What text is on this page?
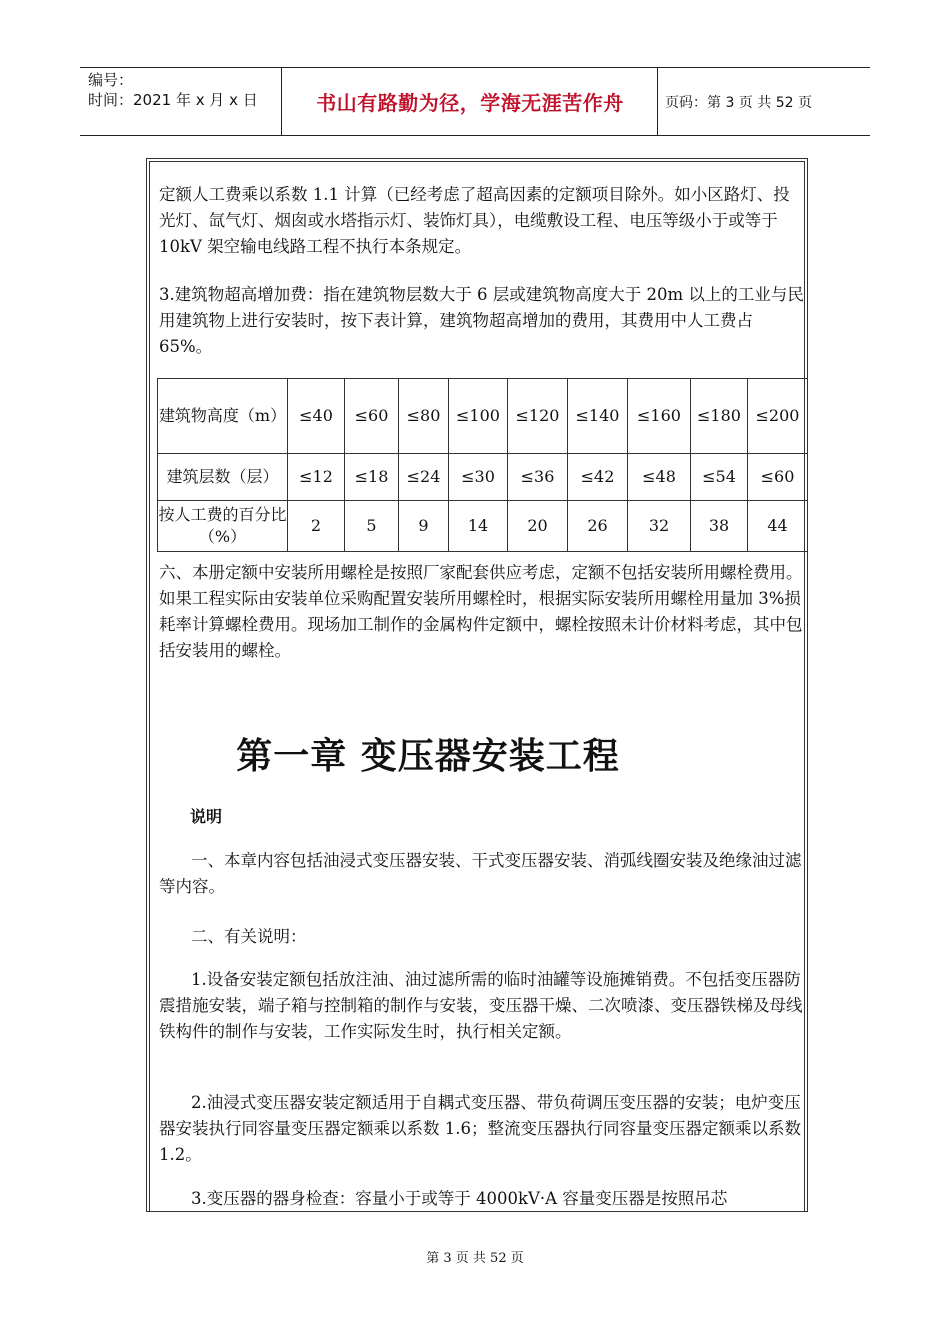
编号：
时间：2021 年 x 月 x 日	书山有路勤为径，学海无涯苦作舟	页码：第 3 页 共 52 页
定额人工费乘以系数 1.1 计算（已经考虑了超高因素的定额项目除外。如小区路灯、投光灯、氙气灯、烟囱或水塔指示灯、装饰灯具），电缆敷设工程、电压等级小于或等于 10kV 架空输电线路工程不执行本条规定。
3.建筑物超高增加费：指在建筑物层数大于 6 层或建筑物高度大于 20m 以上的工业与民用建筑物上进行安装时，按下表计算，建筑物超高增加的费用，其费用中人工费占 65%。
建筑物高度（m）	≤40	≤60	≤80	≤100	≤120	≤140	≤160	≤180	≤200
建筑层数（层）	≤12	≤18	≤24	≤30	≤36	≤42	≤48	≤54	≤60
按人工费的百分比（%）	2	5	9	14	20	26	32	38	44
六、本册定额中安装所用螺栓是按照厂家配套供应考虑，定额不包括安装所用螺栓费用。如果工程实际由安装单位采购配置安装所用螺栓时，根据实际安装所用螺栓用量加 3%损耗率计算螺栓费用。现场加工制作的金属构件定额中，螺栓按照未计价材料考虑，其中包括安装用的螺栓。
第一章 变压器安装工程
说明
一、本章内容包括油浸式变压器安装、干式变压器安装、消弧线圈安装及绝缘油过滤等内容。
二、有关说明：
1.设备安装定额包括放注油、油过滤所需的临时油罐等设施摊销费。不包括变压器防震措施安装，端子箱与控制箱的制作与安装，变压器干燥、二次喷漆、变压器铁梯及母线铁构件的制作与安装，工作实际发生时，执行相关定额。
2.油浸式变压器安装定额适用于自耦式变压器、带负荷调压变压器的安装；电炉变压器安装执行同容量变压器定额乘以系数 1.6；整流变压器执行同容量变压器定额乘以系数 1.2。
3.变压器的器身检查：容量小于或等于 4000kV·A 容量变压器是按照吊芯
第 3 页 共 52 页
